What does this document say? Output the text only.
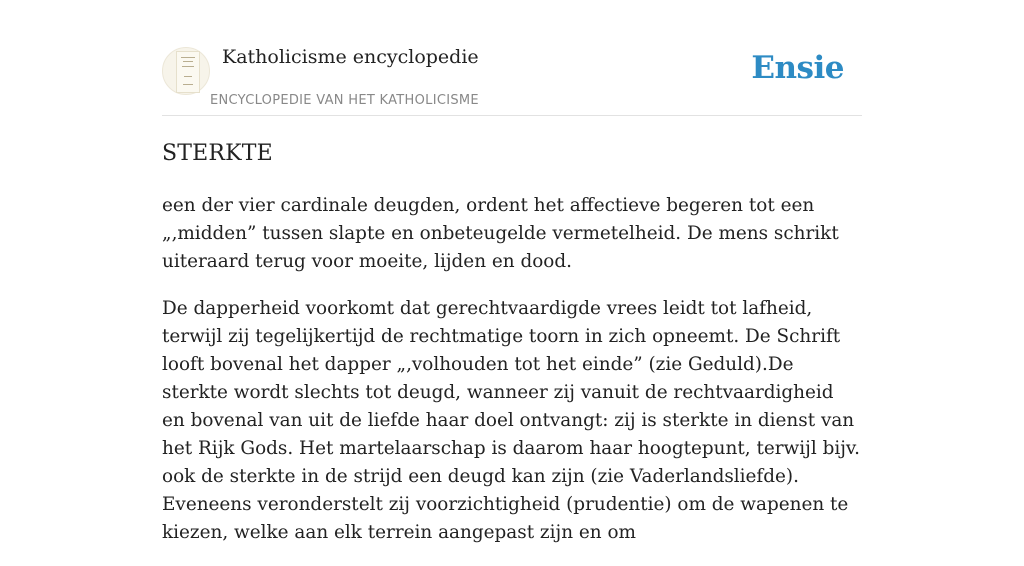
Katholicisme encyclopedie
ENCYCLOPEDIE VAN HET KATHOLICISME
Ensie
STERKTE

een der vier cardinale deugden, ordent het affectieve begeren tot een „‚midden” tussen slapte en onbeteugelde vermetelheid. De mens schrikt uiteraard terug voor moeite, lijden en dood.

De dapperheid voorkomt dat gerechtvaardigde vrees leidt tot lafheid, terwijl zij tegelijkertijd de rechtmatige toorn in zich opneemt. De Schrift looft bovenal het dapper „‚volhouden tot het einde” (zie Geduld).De sterkte wordt slechts tot deugd, wanneer zij vanuit de rechtvaardigheid en bovenal van uit de liefde haar doel ontvangt: zij is sterkte in dienst van het Rijk Gods. Het martelaarschap is daarom haar hoogtepunt, terwijl bijv. ook de sterkte in de strijd een deugd kan zijn (zie Vaderlandsliefde). Eveneens veronderstelt zij voorzichtigheid (prudentie) om de wapenen te kiezen, welke aan elk terrein aangepast zijn en om
